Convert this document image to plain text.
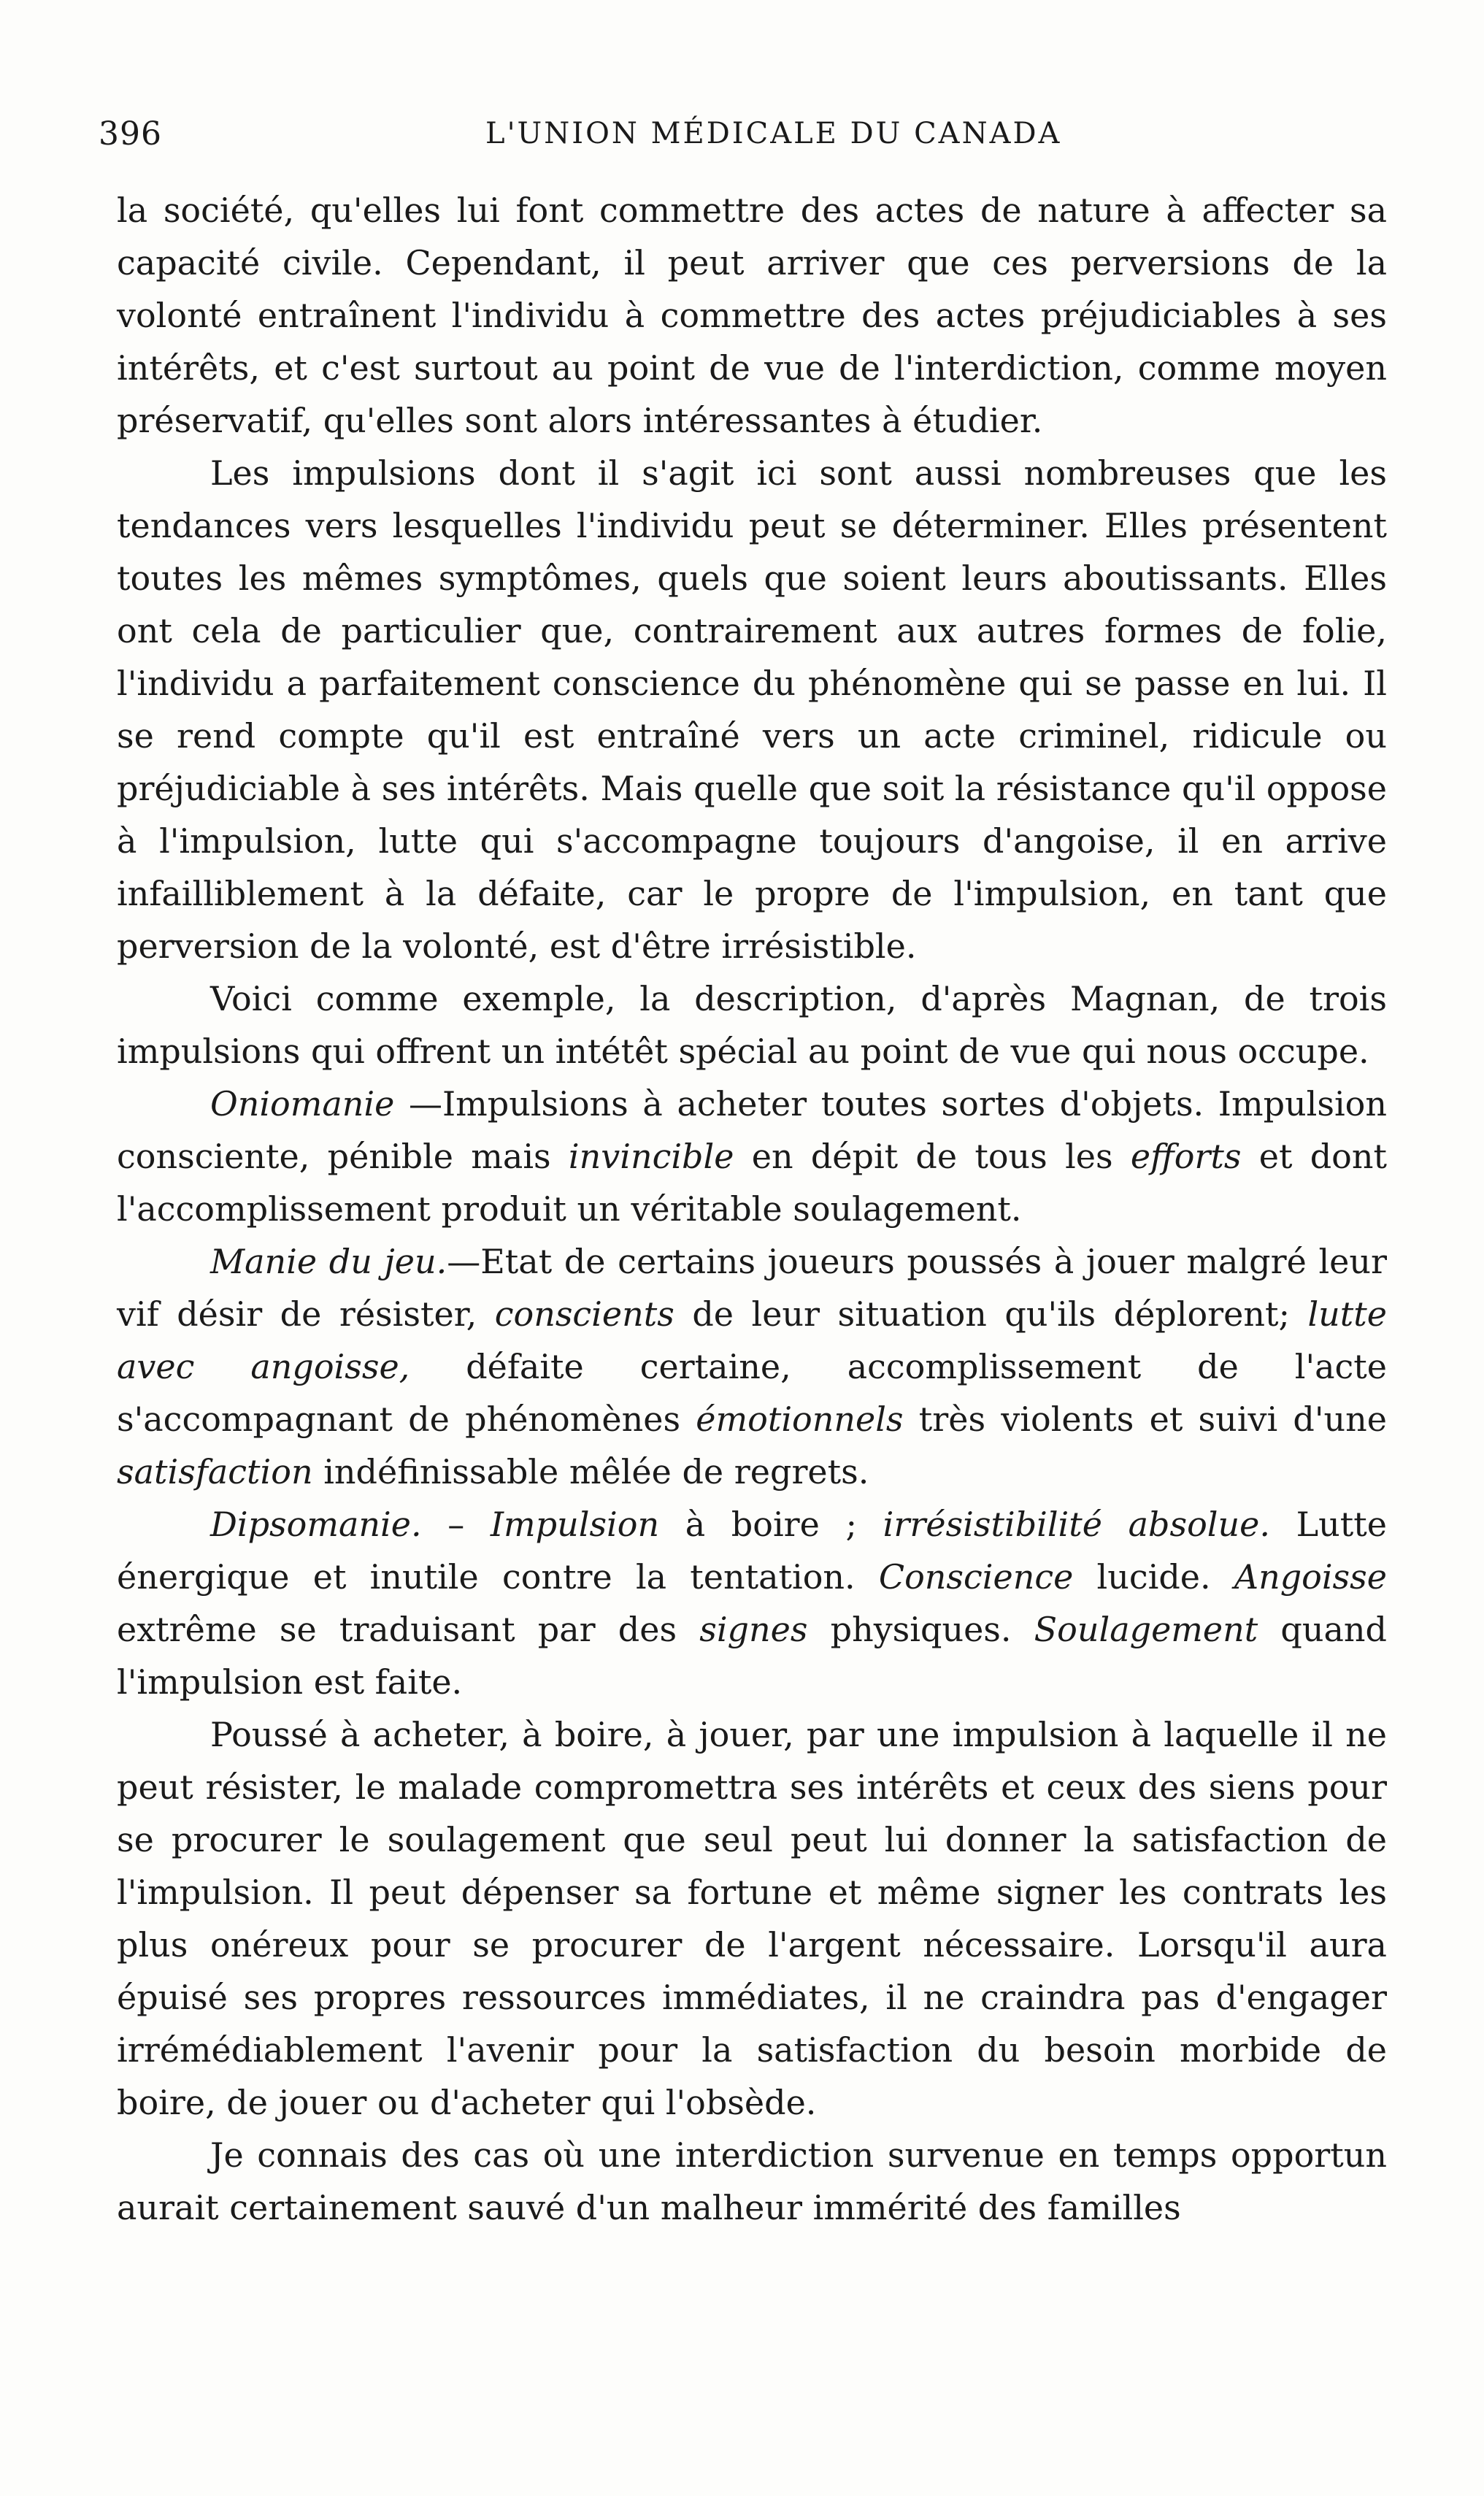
396	L'UNION MÉDICALE DU CANADA

la société, qu'elles lui font commettre des actes de nature à affecter sa capacité civile. Cependant, il peut arriver que ces perversions de la volonté entraînent l'individu à commettre des actes préjudiciables à ses intérêts, et c'est surtout au point de vue de l'interdiction, comme moyen préservatif, qu'elles sont alors intéressantes à étudier.

Les impulsions dont il s'agit ici sont aussi nombreuses que les tendances vers lesquelles l'individu peut se déterminer. Elles présentent toutes les mêmes symptômes, quels que soient leurs aboutissants. Elles ont cela de particulier que, contrairement aux autres formes de folie, l'individu a parfaitement conscience du phénomène qui se passe en lui. Il se rend compte qu'il est entraîné vers un acte criminel, ridicule ou préjudiciable à ses intérêts. Mais quelle que soit la résistance qu'il oppose à l'impulsion, lutte qui s'accompagne toujours d'angoise, il en arrive infailliblement à la défaite, car le propre de l'impulsion, en tant que perversion de la volonté, est d'être irrésistible.

Voici comme exemple, la description, d'après Magnan, de trois impulsions qui offrent un intétêt spécial au point de vue qui nous occupe.

Oniomanie —Impulsions à acheter toutes sortes d'objets. Impulsion consciente, pénible mais invincible en dépit de tous les efforts et dont l'accomplissement produit un véritable soulagement.

Manie du jeu.—Etat de certains joueurs poussés à jouer malgré leur vif désir de résister, conscients de leur situation qu'ils déplorent; lutte avec angoisse, défaite certaine, accomplissement de l'acte s'accompagnant de phénomènes émotionnels très violents et suivi d'une satisfaction indéfinissable mêlée de regrets.

Dipsomanie. – Impulsion à boire ; irrésistibilité absolue. Lutte énergique et inutile contre la tentation. Conscience lucide. Angoisse extrême se traduisant par des signes physiques. Soulagement quand l'impulsion est faite.

Poussé à acheter, à boire, à jouer, par une impulsion à laquelle il ne peut résister, le malade compromettra ses intérêts et ceux des siens pour se procurer le soulagement que seul peut lui donner la satisfaction de l'impulsion. Il peut dépenser sa fortune et même signer les contrats les plus onéreux pour se procurer de l'argent nécessaire. Lorsqu'il aura épuisé ses propres ressources immédiates, il ne craindra pas d'engager irrémédiablement l'avenir pour la satisfaction du besoin morbide de boire, de jouer ou d'acheter qui l'obsède.

Je connais des cas où une interdiction survenue en temps opportun aurait certainement sauvé d'un malheur immérité des familles
